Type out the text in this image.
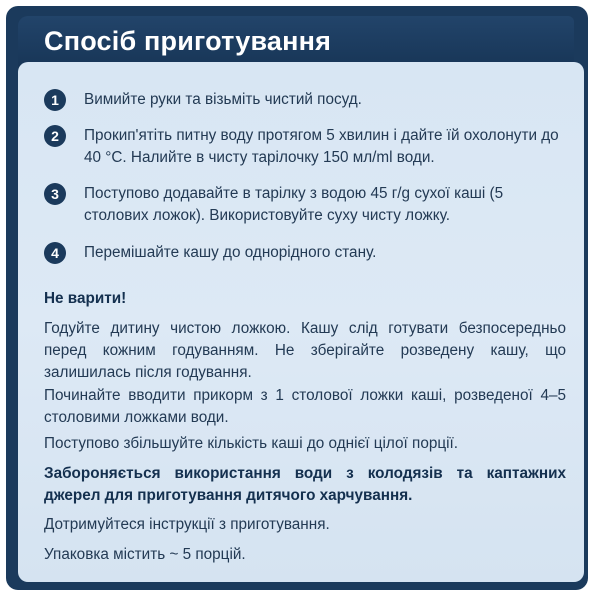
Спосіб приготування
1	Вимийте руки та візьміть чистий посуд.
2	Прокип'ятіть питну воду протягом 5 хвилин і дайте їй охолонути до 40 °С. Налийте в чисту тарілочку 150 мл/ml води.
3	Поступово додавайте в тарілку з водою 45 г/g сухої каші (5 столових ложок). Використовуйте суху чисту ложку.
4	Перемішайте кашу до однорідного стану.
Не варити!
Годуйте дитину чистою ложкою. Кашу слід готувати безпосередньо перед кожним годуванням. Не зберігайте розведену кашу, що залишилась після годування.
Починайте вводити прикорм з 1 столової ложки каші, розведеної 4–5 столовими ложками води.
Поступово збільшуйте кількість каші до однієї цілої порції.
Забороняється використання води з колодязів та каптажних джерел для приготування дитячого харчування.
Дотримуйтеся інструкції з приготування.
Упаковка містить ~ 5 порцій.
